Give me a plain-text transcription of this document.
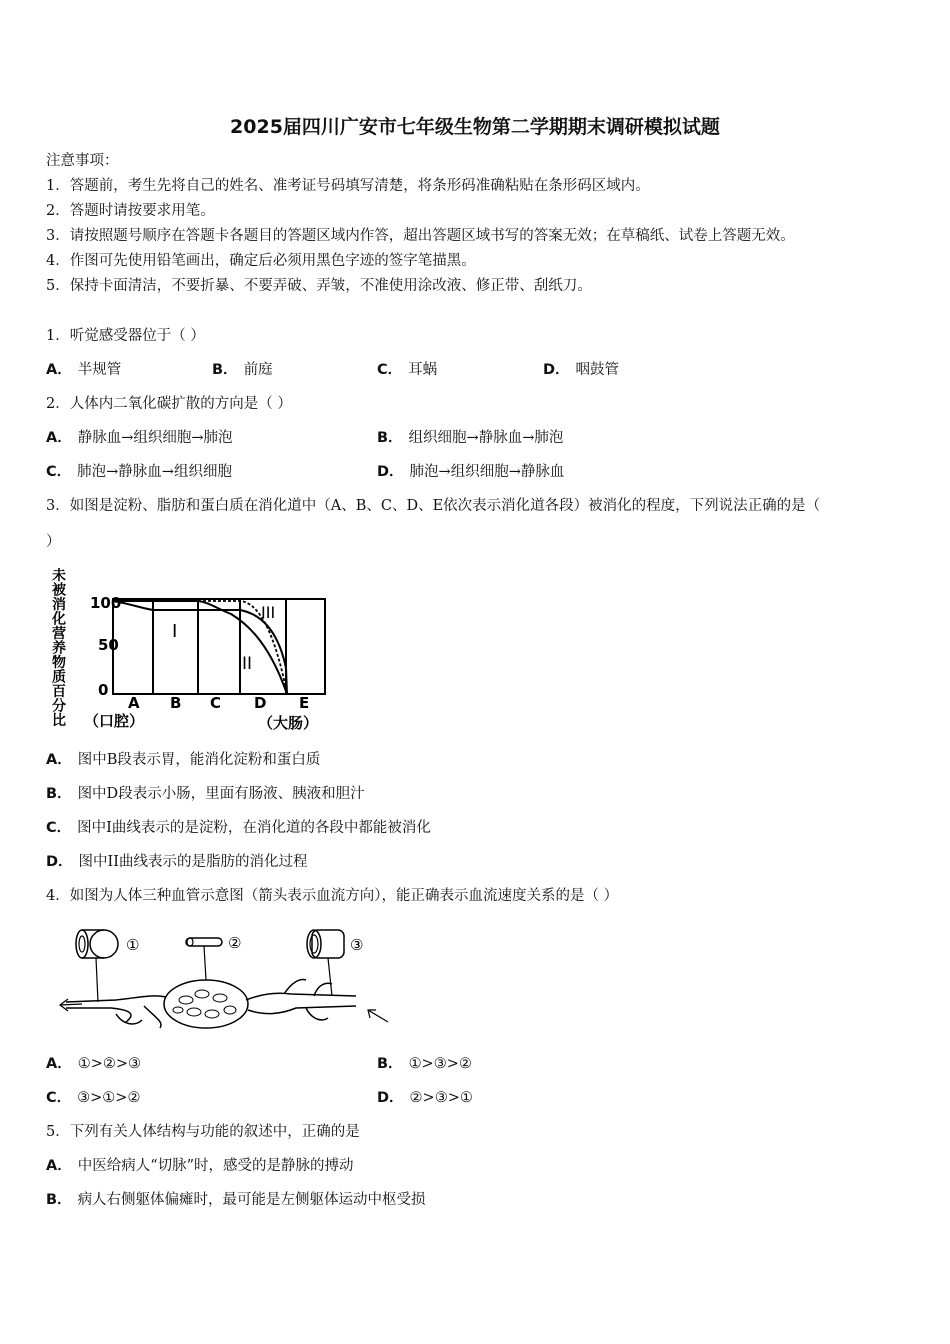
2025届四川广安市七年级生物第二学期期末调研模拟试题
注意事项：
1．答题前，考生先将自己的姓名、准考证号码填写清楚，将条形码准确粘贴在条形码区域内。
2．答题时请按要求用笔。
3．请按照题号顺序在答题卡各题目的答题区域内作答，超出答题区域书写的答案无效；在草稿纸、试卷上答题无效。
4．作图可先使用铅笔画出，确定后必须用黑色字迹的签字笔描黑。
5．保持卡面清洁，不要折暴、不要弄破、弄皱，不准使用涂改液、修正带、刮纸刀。
1．听觉感受器位于（ ）
A． 半规管	B． 前庭	C． 耳蜗	D． 咽鼓管
2．人体内二氧化碳扩散的方向是（ ）
A． 静脉血→组织细胞→肺泡	B． 组织细胞→静脉血→肺泡
C． 肺泡→静脉血→组织细胞	D． 肺泡→组织细胞→静脉血
3．如图是淀粉、脂肪和蛋白质在消化道中（A、B、C、D、E依次表示消化道各段）被消化的程度，下列说法正确的是（
）
未被消化营养物质百分比
100
50
0
I
II
III
A B C D E
（口腔）	（大肠）
A． 图中B段表示胃，能消化淀粉和蛋白质
B． 图中D段表示小肠，里面有肠液、胰液和胆汁
C． 图中I曲线表示的是淀粉，在消化道的各段中都能被消化
D． 图中II曲线表示的是脂肪的消化过程
4．如图为人体三种血管示意图（箭头表示血流方向），能正确表示血流速度关系的是（ ）
①	②	③
A． ①>②>③	B． ①>③>②
C． ③>①>②	D． ②>③>①
5．下列有关人体结构与功能的叙述中，正确的是
A． 中医给病人“切脉”时，感受的是静脉的搏动
B． 病人右侧躯体偏瘫时，最可能是左侧躯体运动中枢受损
